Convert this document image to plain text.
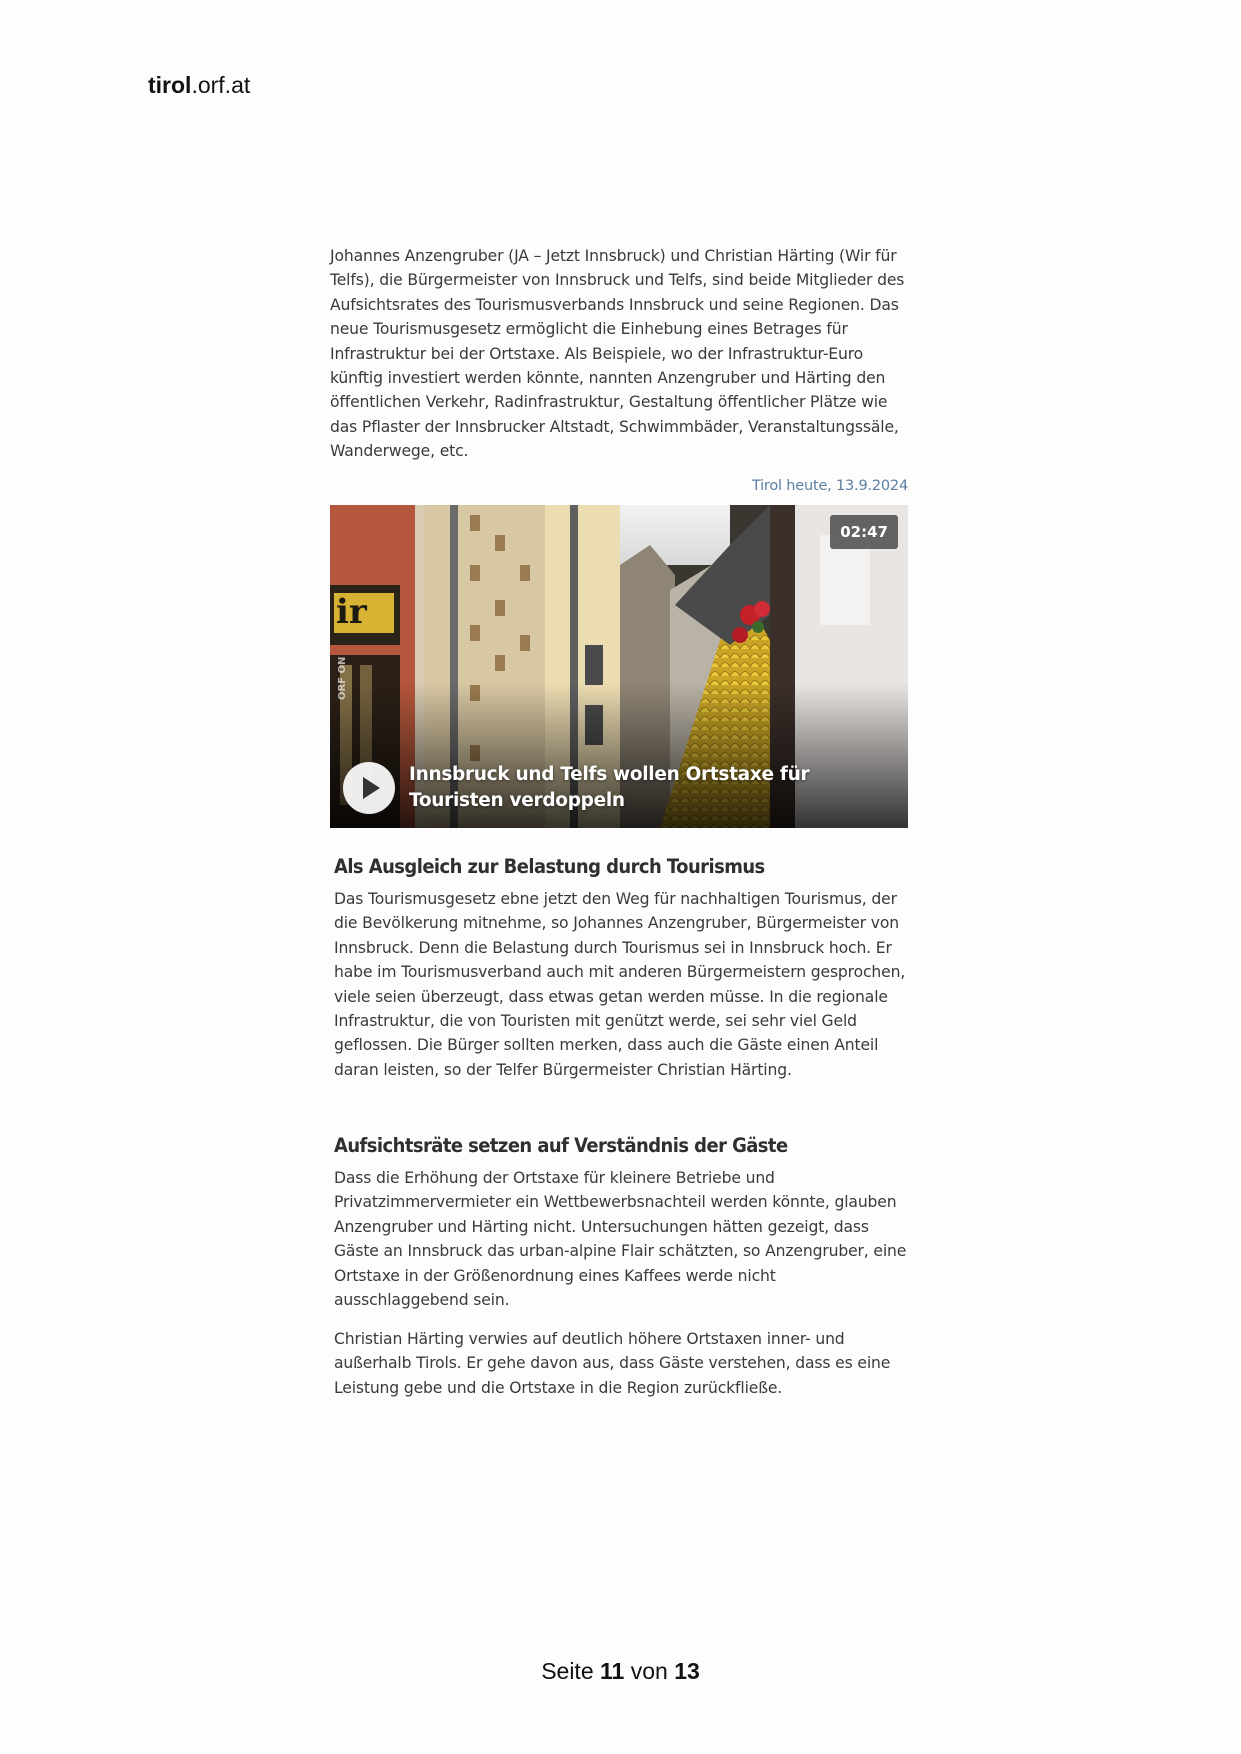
tirol.orf.at

Johannes Anzengruber (JA – Jetzt Innsbruck) und Christian Härting (Wir für Telfs), die Bürgermeister von Innsbruck und Telfs, sind beide Mitglieder des Aufsichtsrates des Tourismusverbands Innsbruck und seine Regionen. Das neue Tourismusgesetz ermöglicht die Einhebung eines Betrages für Infrastruktur bei der Ortstaxe. Als Beispiele, wo der Infrastruktur-Euro künftig investiert werden könnte, nannten Anzengruber und Härting den öffentlichen Verkehr, Radinfrastruktur, Gestaltung öffentlicher Plätze wie das Pflaster der Innsbrucker Altstadt, Schwimmbäder, Veranstaltungssäle, Wanderwege, etc.

Tirol heute, 13.9.2024
ORF ON
02:47
Innsbruck und Telfs wollen Ortstaxe für Touristen verdoppeln
Als Ausgleich zur Belastung durch Tourismus

Das Tourismusgesetz ebne jetzt den Weg für nachhaltigen Tourismus, der die Bevölkerung mitnehme, so Johannes Anzengruber, Bürgermeister von Innsbruck. Denn die Belastung durch Tourismus sei in Innsbruck hoch. Er habe im Tourismusverband auch mit anderen Bürgermeistern gesprochen, viele seien überzeugt, dass etwas getan werden müsse. In die regionale Infrastruktur, die von Touristen mit genützt werde, sei sehr viel Geld geflossen. Die Bürger sollten merken, dass auch die Gäste einen Anteil daran leisten, so der Telfer Bürgermeister Christian Härting.

Aufsichtsräte setzen auf Verständnis der Gäste

Dass die Erhöhung der Ortstaxe für kleinere Betriebe und Privatzimmervermieter ein Wettbewerbsnachteil werden könnte, glauben Anzengruber und Härting nicht. Untersuchungen hätten gezeigt, dass Gäste an Innsbruck das urban-alpine Flair schätzten, so Anzengruber, eine Ortstaxe in der Größenordnung eines Kaffees werde nicht ausschlaggebend sein.

Christian Härting verwies auf deutlich höhere Ortstaxen inner- und außerhalb Tirols. Er gehe davon aus, dass Gäste verstehen, dass es eine Leistung gebe und die Ortstaxe in die Region zurückfließe.

Seite 11 von 13
